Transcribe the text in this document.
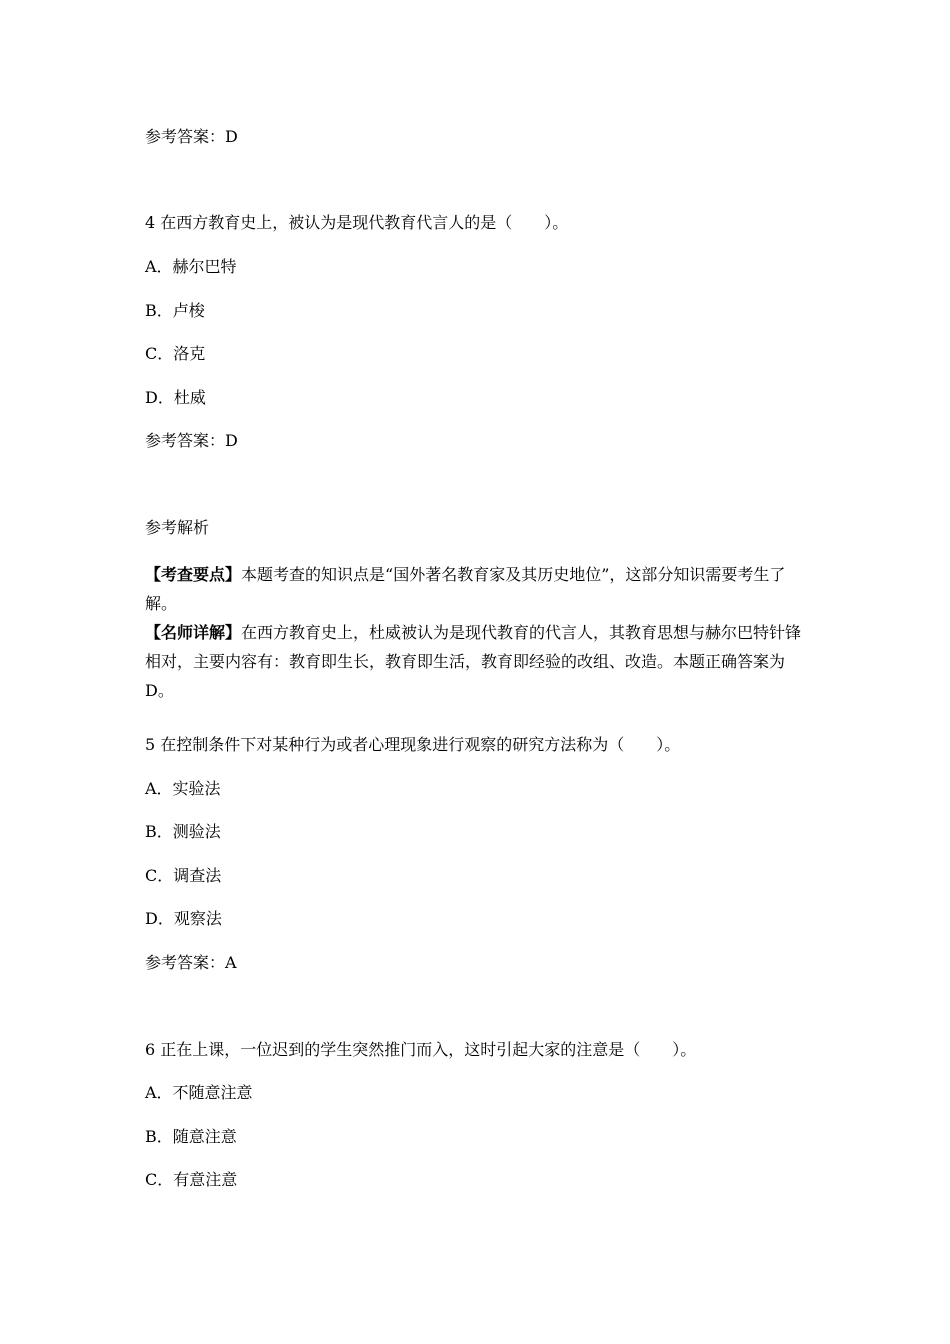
参考答案：D
4 在西方教育史上，被认为是现代教育代言人的是（　　）。
A．赫尔巴特
B．卢梭
C．洛克
D．杜威
参考答案：D
参考解析
【考查要点】本题考查的知识点是“国外著名教育家及其历史地位”，这部分知识需要考生了解。
【名师详解】在西方教育史上，杜威被认为是现代教育的代言人，其教育思想与赫尔巴特针锋相对，主要内容有：教育即生长，教育即生活，教育即经验的改组、改造。本题正确答案为D。
5 在控制条件下对某种行为或者心理现象进行观察的研究方法称为（　　）。
A．实验法
B．测验法
C．调查法
D．观察法
参考答案：A
6 正在上课，一位迟到的学生突然推门而入，这时引起大家的注意是（　　）。
A．不随意注意
B．随意注意
C．有意注意
